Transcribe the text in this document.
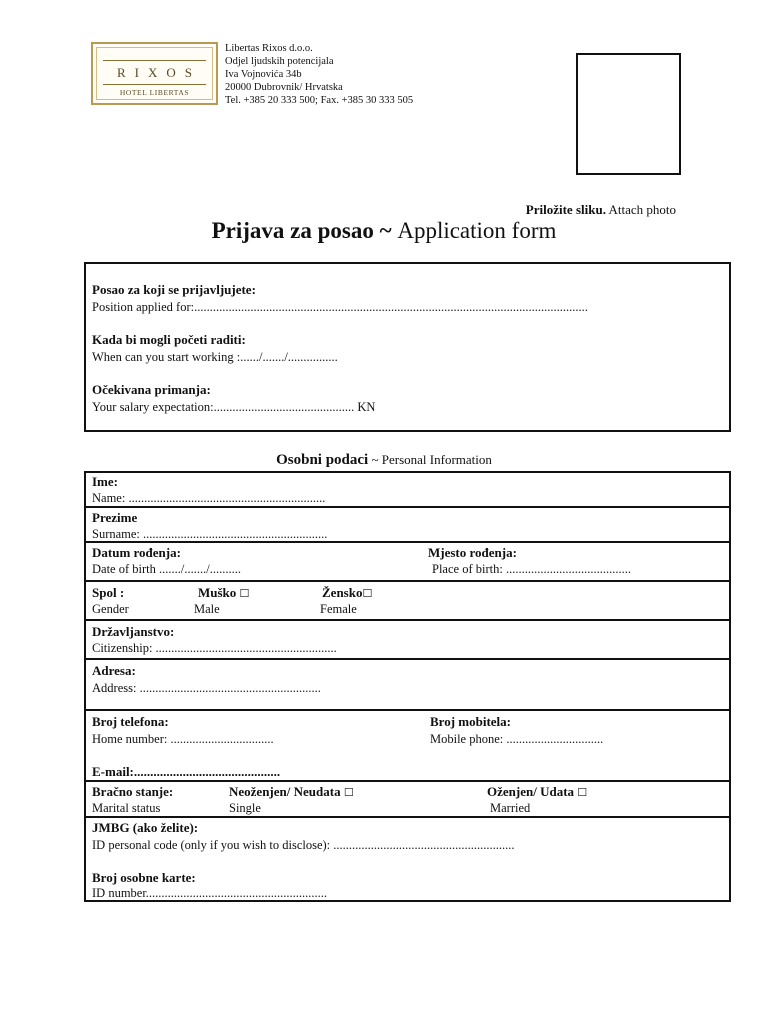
RIXOS
HOTEL LIBERTAS
Libertas Rixos d.o.o.
Odjel ljudskih potencijala
Iva Vojnovića 34b
20000 Dubrovnik/ Hrvatska
Tel. +385 20 333 500; Fax. +385 30 333 505
Priložite sliku. Attach photo
Prijava za posao ~ Application form
Posao za koji se prijavljujete:
Position applied for:..............................................................................................................................
Kada bi mogli početi raditi:
When can you start working :....../......./................
Očekivana primanja:
Your salary expectation:............................................. KN
Osobni podaci ~ Personal Information
Ime:
Name: ...............................................................
Prezime
Surname: ...........................................................
Datum rođenja:
Date of birth ......./......./..........
Mjesto rođenja:
Place of birth: ........................................
Spol :
Gender
Muško ☐
Male
Žensko☐
Female
Državljanstvo:
Citizenship: ..........................................................
Adresa:
Address: ..........................................................
Broj telefona:
Home number: .................................
Broj mobitela:
Mobile phone: ...............................
E-mail:.............................................
Bračno stanje:
Marital status
Neoženjen/ Neudata ☐
Single
Oženjen/ Udata ☐
Married
JMBG (ako želite):
ID personal code (only if you wish to disclose): ..........................................................
Broj osobne karte:
ID number..........................................................
